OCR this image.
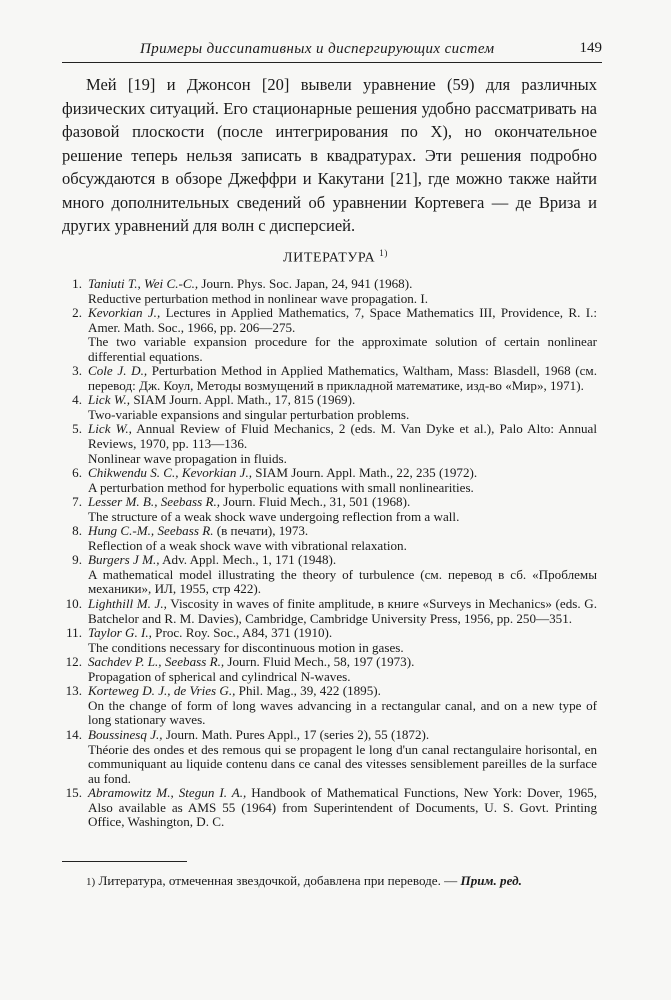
Примеры диссипативных и диспергирующих систем	149

Мей [19] и Джонсон [20] вывели уравнение (59) для различных физических ситуаций. Его стационарные решения удобно рассматривать на фазовой плоскости (после интегрирования по X), но окончательное решение теперь нельзя записать в квадратурах. Эти решения подробно обсуждаются в обзоре Джеффри и Какутани [21], где можно также найти много дополнительных сведений об уравнении Кортевега — де Вриза и других уравнений для волн с дисперсией.

ЛИТЕРАТУРА $^{1)}$
1. Taniuti T., Wei C.-C., Journ. Phys. Soc. Japan, 24, 941 (1968).
Reductive perturbation method in nonlinear wave propagation. I.
2. Kevorkian J., Lectures in Applied Mathematics, 7, Space Mathematics III, Providence, R. I.: Amer. Math. Soc., 1966, pp. 206—275.
The two variable expansion procedure for the approximate solution of certain nonlinear differential equations.
3. Cole J. D., Perturbation Method in Applied Mathematics, Waltham, Mass: Blasdell, 1968 (см. перевод: Дж. Коул, Методы возмущений в прикладной математике, изд-во «Мир», 1971).
4. Lick W., SIAM Journ. Appl. Math., 17, 815 (1969).
Two-variable expansions and singular perturbation problems.
5. Lick W., Annual Review of Fluid Mechanics, 2 (eds. M. Van Dyke et al.), Palo Alto: Annual Reviews, 1970, pp. 113—136.
Nonlinear wave propagation in fluids.
6. Chikwendu S. C., Kevorkian J., SIAM Journ. Appl. Math., 22, 235 (1972).
A perturbation method for hyperbolic equations with small nonlinearities.
7. Lesser M. B., Seebass R., Journ. Fluid Mech., 31, 501 (1968).
The structure of a weak shock wave undergoing reflection from a wall.
8. Hung C.-M., Seebass R. (в печати), 1973.
Reflection of a weak shock wave with vibrational relaxation.
9. Burgers J M., Adv. Appl. Mech., 1, 171 (1948).
A mathematical model illustrating the theory of turbulence (см. перевод в сб. «Проблемы механики», ИЛ, 1955, стр 422).
10. Lighthill M. J., Viscosity in waves of finite amplitude, в книге «Surveys in Mechanics» (eds. G. Batchelor and R. M. Davies), Cambridge, Cambridge University Press, 1956, pp. 250—351.
11. Taylor G. I., Proc. Roy. Soc., A84, 371 (1910).
The conditions necessary for discontinuous motion in gases.
12. Sachdev P. L., Seebass R., Journ. Fluid Mech., 58, 197 (1973).
Propagation of spherical and cylindrical N-waves.
13. Korteweg D. J., de Vries G., Phil. Mag., 39, 422 (1895).
On the change of form of long waves advancing in a rectangular canal, and on a new type of long stationary waves.
14. Boussinesq J., Journ. Math. Pures Appl., 17 (series 2), 55 (1872).
Théorie des ondes et des remous qui se propagent le long d'un canal rectangulaire horisontal, en communiquant au liquide contenu dans ce canal des vitesses sensiblement pareilles de la surface au fond.
15. Abramowitz M., Stegun I. A., Handbook of Mathematical Functions, New York: Dover, 1965, Also available as AMS 55 (1964) from Superintendent of Documents, U. S. Govt. Printing Office, Washington, D. C.

1) Литература, отмеченная звездочкой, добавлена при переводе. — Прим. ред.
